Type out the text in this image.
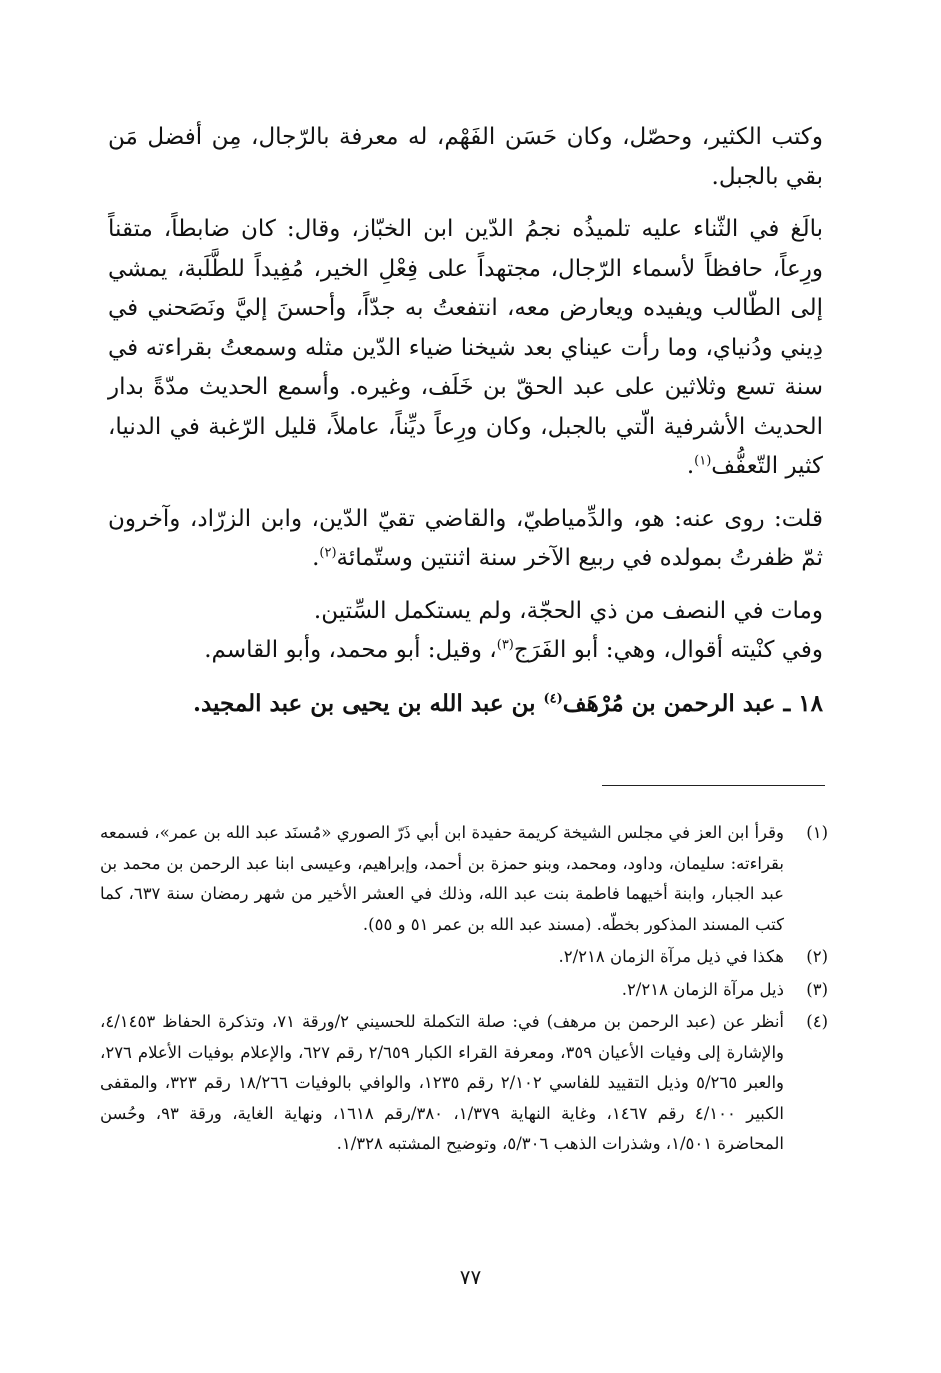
وكتب الكثير، وحصّل، وكان حَسَن الفَهْم، له معرفة بالرّجال، مِن أفضل مَن بقي بالجبل.

بالَغ في الثّناء عليه تلميذُه نجمُ الدّين ابن الخبّاز، وقال: كان ضابطاً، متقناً ورِعاً، حافظاً لأسماء الرّجال، مجتهداً على فِعْلِ الخير، مُفِيداً للطَّلَبة، يمشي إلى الطّالب ويفيده ويعارض معه، انتفعتُ به جدّاً، وأحسنَ إليَّ ونَصَحني في دِيني ودُنياي، وما رأت عيناي بعد شيخنا ضياء الدّين مثله وسمعتُ بقراءته في سنة تسع وثلاثين على عبد الحقّ بن خَلَف، وغيره. وأسمع الحديث مدّةً بدار الحديث الأشرفية الّتي بالجبل، وكان ورِعاً ديِّناً، عاملاً، قليل الرّغبة في الدنيا، كثير التّعفُّف$^{(١)}$.

قلت: روى عنه: هو، والدِّمياطيّ، والقاضي تقيّ الدّين، وابن الزرّاد، وآخرون ثمّ ظفرتُ بمولده في ربيع الآخر سنة اثنتين وستّمائة$^{(٢)}$.

ومات في النصف من ذي الحجّة، ولم يستكمل السِّتين.

وفي كنْيته أقوال، وهي: أبو الفَرَج$^{(٣)}$، وقيل: أبو محمد، وأبو القاسم.

١٨ ـ عبد الرحمن بن مُرْهَف$^{(٤)}$ بن عبد الله بن يحيى بن عبد المجيد.

(١)
وقرأ ابن العز في مجلس الشيخة كريمة حفيدة ابن أبي ذَرّ الصوري «مُسنَد عبد الله بن عمر»، فسمعه بقراءته: سليمان، وداود، ومحمد، وبنو حمزة بن أحمد، وإبراهيم، وعيسى ابنا عبد الرحمن بن محمد بن عبد الجبار، وابنة أخيهما فاطمة بنت عبد الله، وذلك في العشر الأخير من شهر رمضان سنة ٦٣٧، كما كتب المسند المذكور بخطّه. (مسند عبد الله بن عمر ٥١ و ٥٥).
(٢)
هكذا في ذيل مرآة الزمان ٢/٢١٨.
(٣)
ذيل مرآة الزمان ٢/٢١٨.
(٤)
أنظر عن (عبد الرحمن بن مرهف) في: صلة التكملة للحسيني ٢/ورقة ٧١، وتذكرة الحفاظ ٤/١٤٥٣، والإشارة إلى وفيات الأعيان ٣٥٩، ومعرفة القراء الكبار ٢/٦٥٩ رقم ٦٢٧، والإعلام بوفيات الأعلام ٢٧٦، والعبر ٥/٢٦٥ وذيل التقييد للفاسي ٢/١٠٢ رقم ١٢٣٥، والوافي بالوفيات ١٨/٢٦٦ رقم ٣٢٣، والمقفى الكبير ٤/١٠٠ رقم ١٤٦٧، وغاية النهاية ١/٣٧٩، ٣٨٠/رقم ١٦١٨، ونهاية الغاية، ورقة ٩٣، وحُسن المحاضرة ١/٥٠١، وشذرات الذهب ٥/٣٠٦، وتوضيح المشتبه ١/٣٢٨.
٧٧
